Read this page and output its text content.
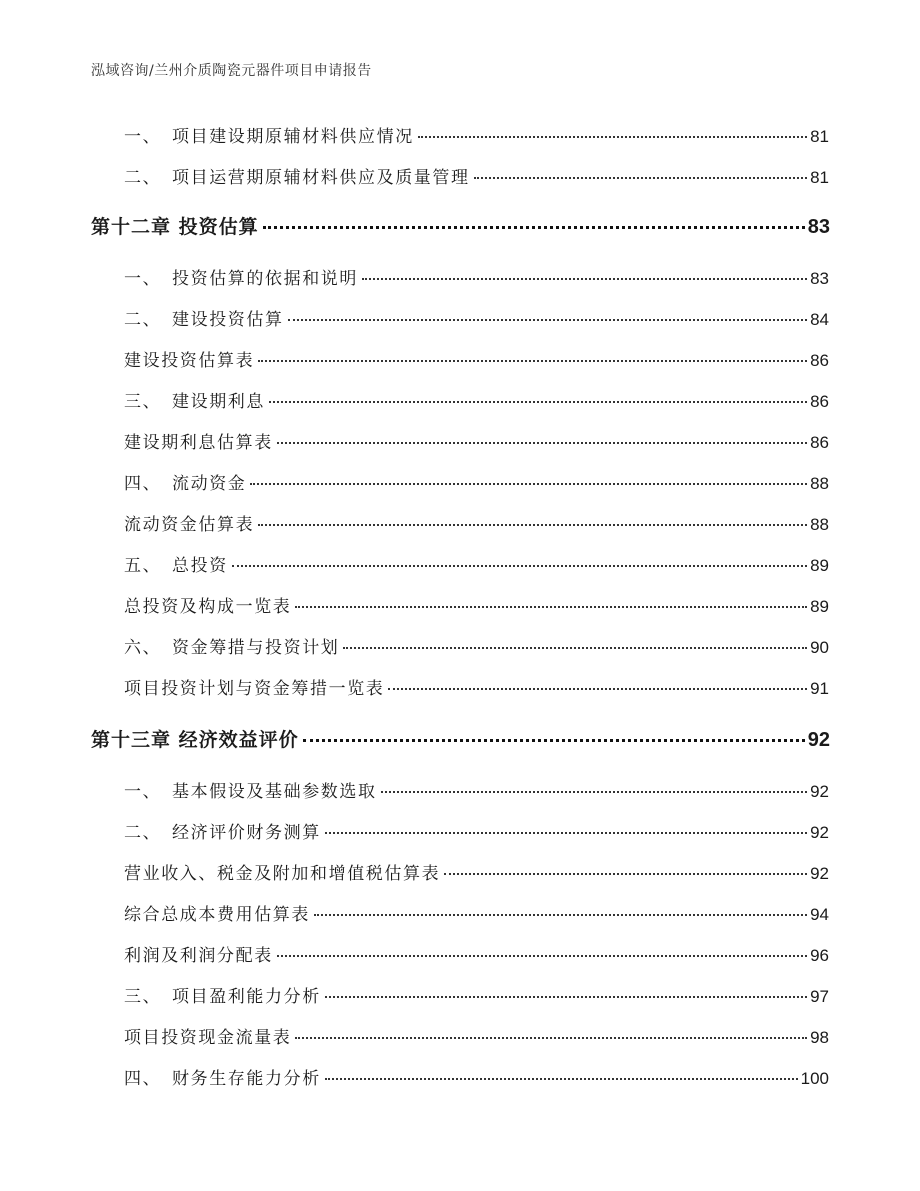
泓域咨询/兰州介质陶瓷元器件项目申请报告
一、 项目建设期原辅材料供应情况	81
二、 项目运营期原辅材料供应及质量管理	81
第十二章 投资估算	83
一、 投资估算的依据和说明	83
二、 建设投资估算	84
建设投资估算表	86
三、 建设期利息	86
建设期利息估算表	86
四、 流动资金	88
流动资金估算表	88
五、 总投资	89
总投资及构成一览表	89
六、 资金筹措与投资计划	90
项目投资计划与资金筹措一览表	91
第十三章 经济效益评价	92
一、 基本假设及基础参数选取	92
二、 经济评价财务测算	92
营业收入、税金及附加和增值税估算表	92
综合总成本费用估算表	94
利润及利润分配表	96
三、 项目盈利能力分析	97
项目投资现金流量表	98
四、 财务生存能力分析	100
